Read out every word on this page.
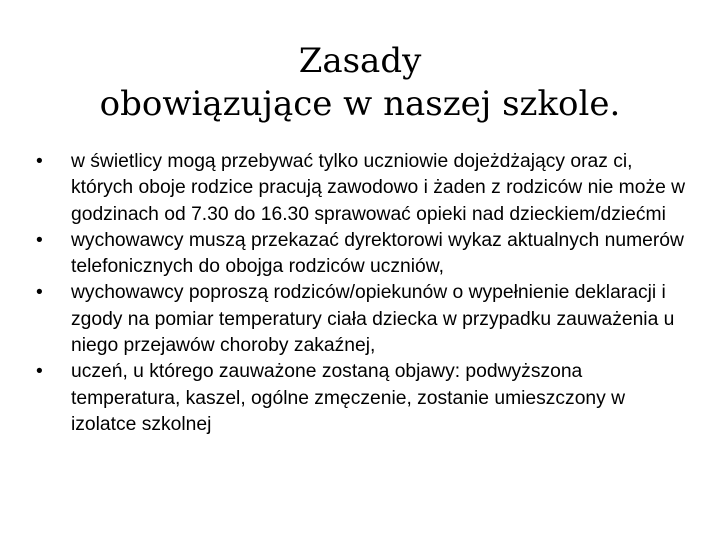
Zasady
obowiązujące w naszej szkole.
•	w świetlicy mogą przebywać tylko uczniowie dojeżdżający oraz ci, których oboje rodzice pracują zawodowo i żaden z rodziców nie może w godzinach od 7.30 do 16.30 sprawować opieki nad dzieckiem/dziećmi
•	wychowawcy muszą przekazać dyrektorowi wykaz aktualnych numerów telefonicznych do obojga rodziców uczniów,
•	wychowawcy poproszą rodziców/opiekunów o wypełnienie deklaracji i zgody na pomiar temperatury ciała dziecka w przypadku zauważenia u niego przejawów choroby zakaźnej,
•	uczeń, u którego zauważone zostaną objawy: podwyższona temperatura, kaszel, ogólne zmęczenie, zostanie umieszczony w izolatce szkolnej
